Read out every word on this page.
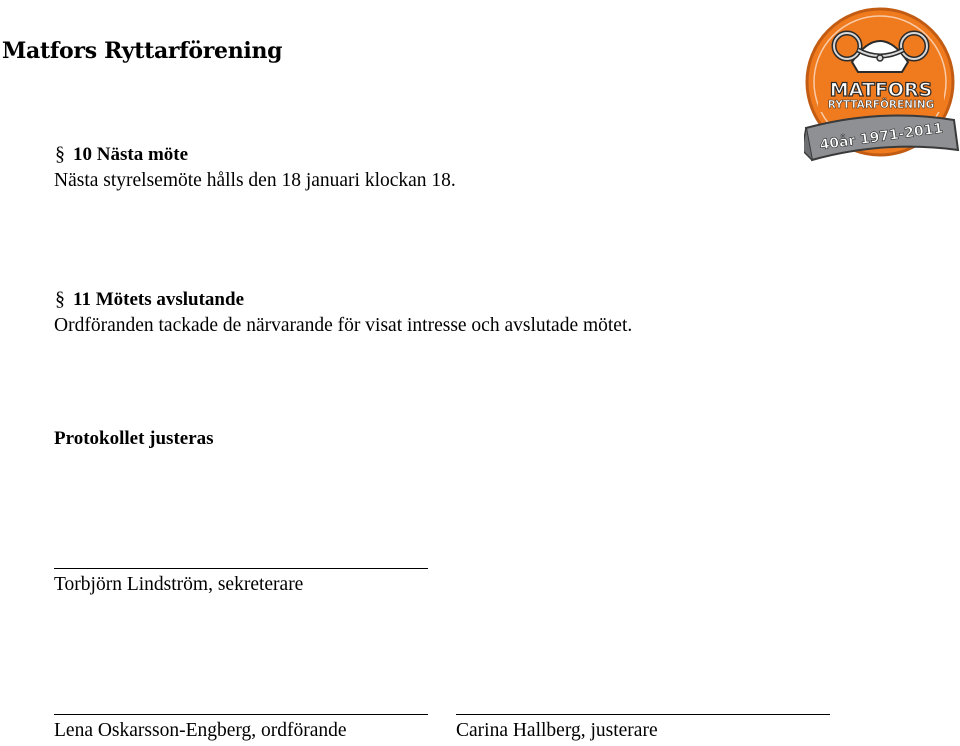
Matfors Ryttarförening
MATFORS
RYTTARFÖRENING
40år 1971-2011
§ 10 Nästa möte
Nästa styrelsemöte hålls den 18 januari klockan 18.
§ 11 Mötets avslutande
Ordföranden tackade de närvarande för visat intresse och avslutade mötet.
Protokollet justeras
Torbjörn Lindström, sekreterare
Lena Oskarsson-Engberg, ordförande	Carina Hallberg, justerare
